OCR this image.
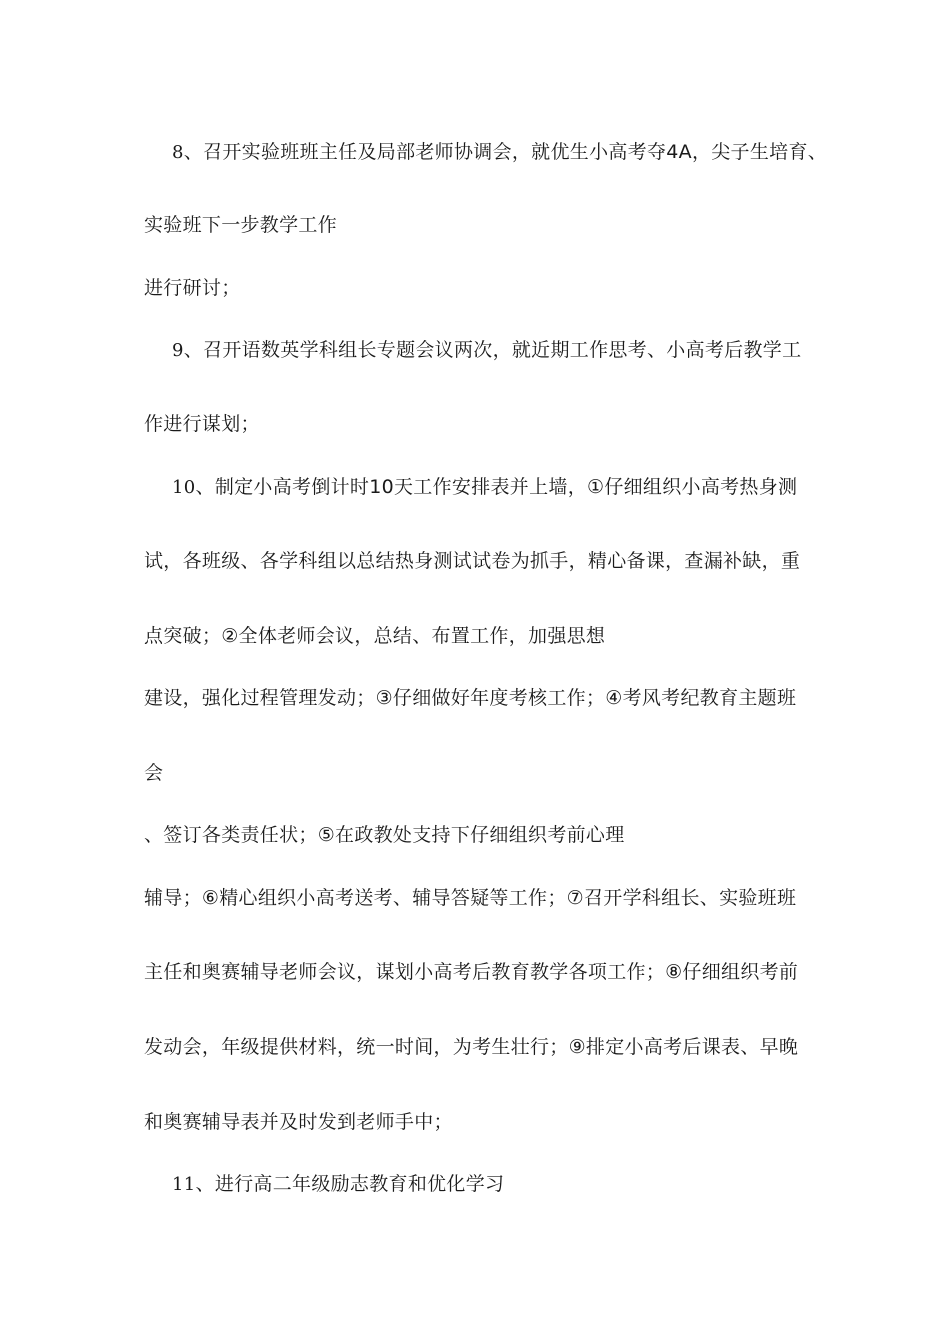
8、召开实验班班主任及局部老师协调会，就优生小高考夺4A，尖子生培育、
实验班下一步教学工作
进行研讨；
9、召开语数英学科组长专题会议两次，就近期工作思考、小高考后教学工
作进行谋划；
10、制定小高考倒计时10天工作安排表并上墙，①仔细组织小高考热身测
试，各班级、各学科组以总结热身测试试卷为抓手，精心备课，查漏补缺，重
点突破；②全体老师会议，总结、布置工作，加强思想
建设，强化过程管理发动；③仔细做好年度考核工作；④考风考纪教育主题班
会
、签订各类责任状；⑤在政教处支持下仔细组织考前心理
辅导；⑥精心组织小高考送考、辅导答疑等工作；⑦召开学科组长、实验班班
主任和奥赛辅导老师会议，谋划小高考后教育教学各项工作；⑧仔细组织考前
发动会，年级提供材料，统一时间，为考生壮行；⑨排定小高考后课表、早晚
和奥赛辅导表并及时发到老师手中；
11、进行高二年级励志教育和优化学习
